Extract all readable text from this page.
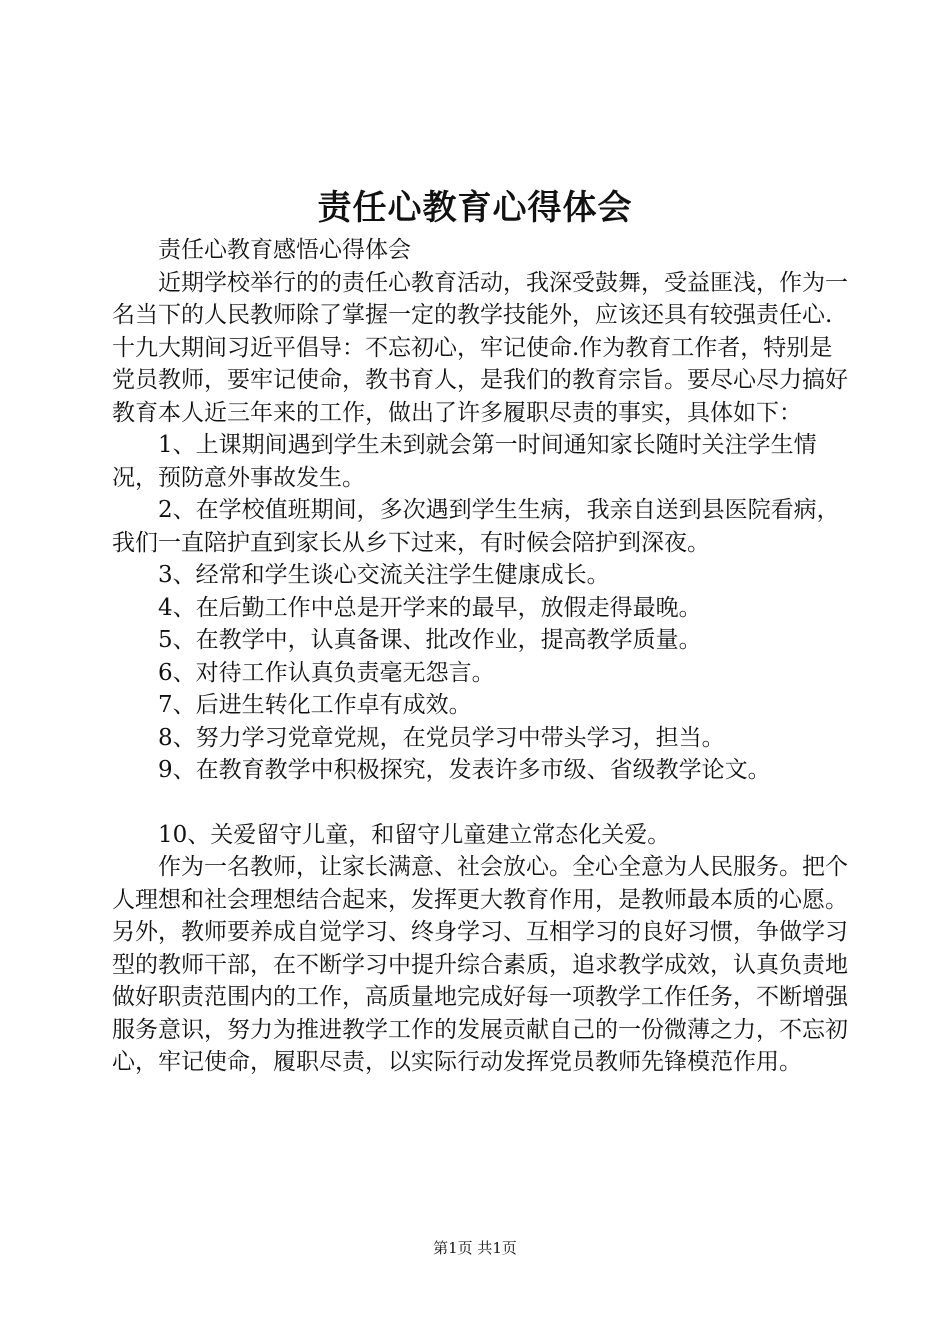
责任心教育心得体会

责任心教育感悟心得体会

近期学校举行的的责任心教育活动，我深受鼓舞，受益匪浅，作为一名当下的人民教师除了掌握一定的教学技能外，应该还具有较强责任心.十九大期间习近平倡导：不忘初心，牢记使命.作为教育工作者，特别是党员教师，要牢记使命，教书育人，是我们的教育宗旨。要尽心尽力搞好教育本人近三年来的工作，做出了许多履职尽责的事实，具体如下：

1、上课期间遇到学生未到就会第一时间通知家长随时关注学生情况，预防意外事故发生。

2、在学校值班期间，多次遇到学生生病，我亲自送到县医院看病，我们一直陪护直到家长从乡下过来，有时候会陪护到深夜。

3、经常和学生谈心交流关注学生健康成长。

4、在后勤工作中总是开学来的最早，放假走得最晚。

5、在教学中，认真备课、批改作业，提高教学质量。

6、对待工作认真负责毫无怨言。

7、后进生转化工作卓有成效。

8、努力学习党章党规，在党员学习中带头学习，担当。

9、在教育教学中积极探究，发表许多市级、省级教学论文。

10、关爱留守儿童，和留守儿童建立常态化关爱。

作为一名教师，让家长满意、社会放心。全心全意为人民服务。把个人理想和社会理想结合起来，发挥更大教育作用，是教师最本质的心愿。另外，教师要养成自觉学习、终身学习、互相学习的良好习惯，争做学习型的教师干部，在不断学习中提升综合素质，追求教学成效，认真负责地做好职责范围内的工作，高质量地完成好每一项教学工作任务，不断增强服务意识，努力为推进教学工作的发展贡献自己的一份微薄之力，不忘初心，牢记使命，履职尽责，以实际行动发挥党员教师先锋模范作用。

第1页 共1页
